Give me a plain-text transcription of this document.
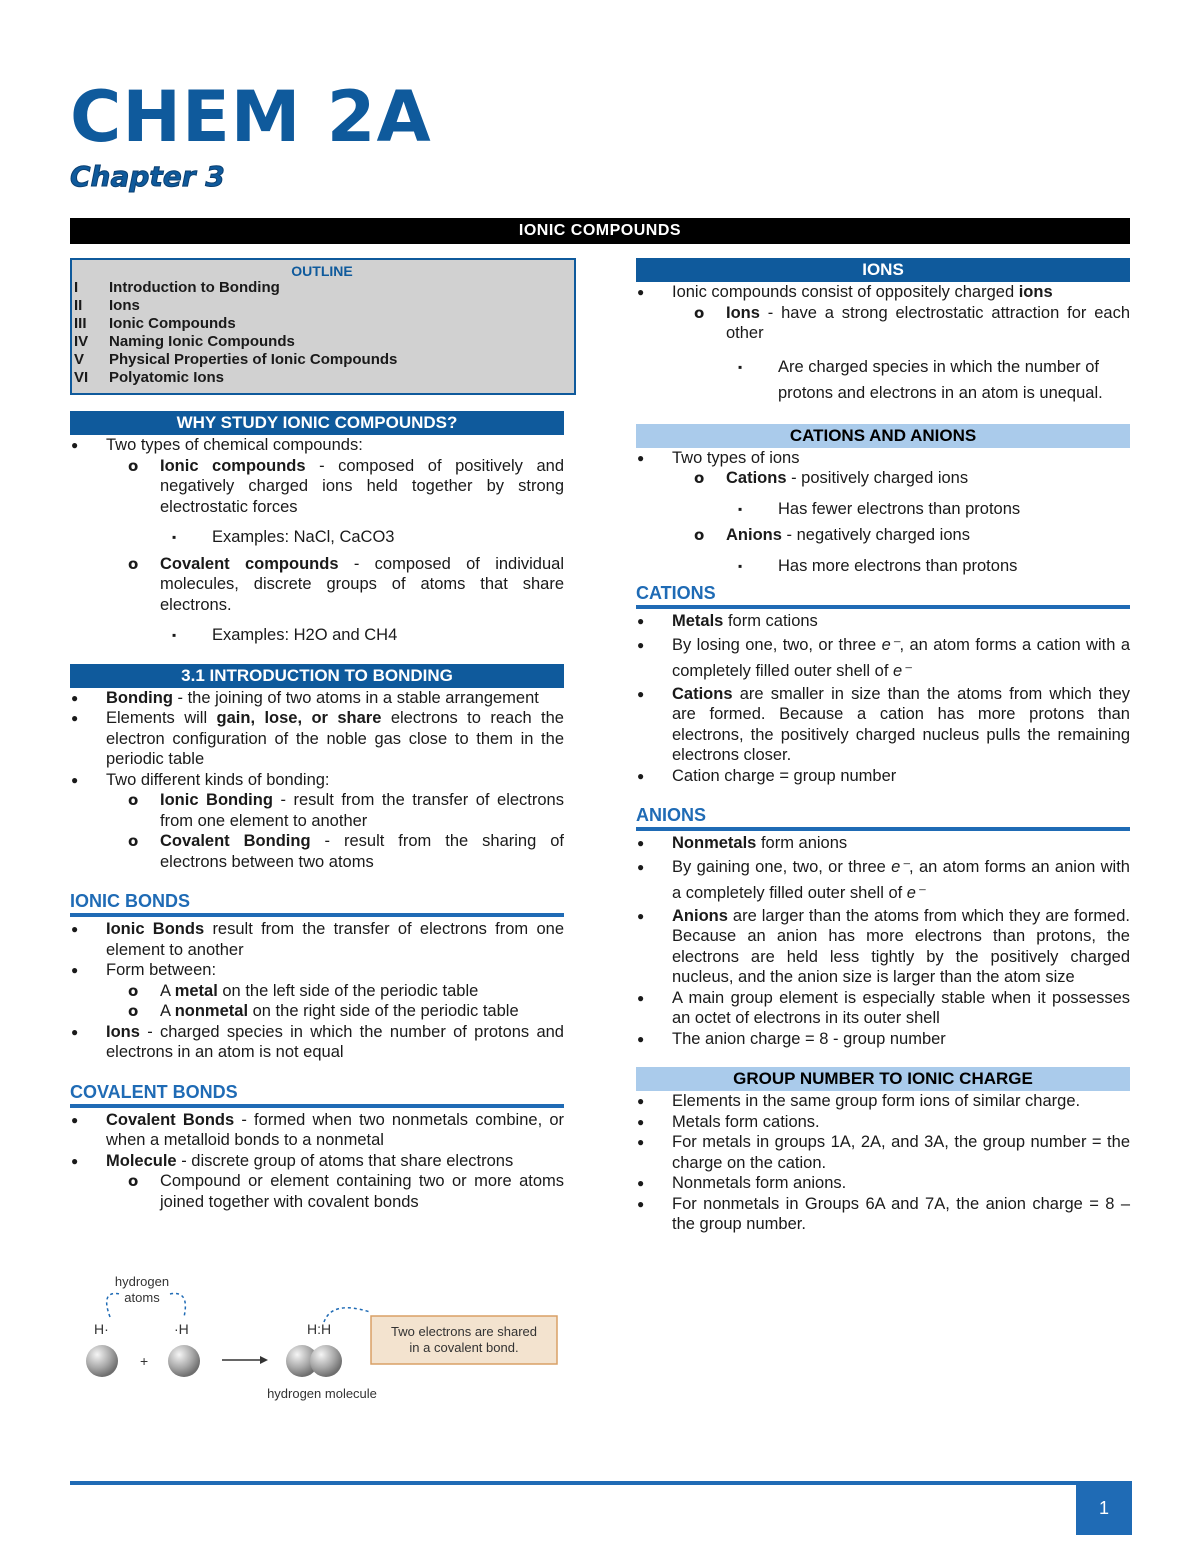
CHEM 2A
Chapter 3
IONIC COMPOUNDS
OUTLINE
I	Introduction to Bonding
II	Ions
III	Ionic Compounds
IV	Naming Ionic Compounds
V	Physical Properties of Ionic Compounds
VI	Polyatomic Ions
WHY STUDY IONIC COMPOUNDS?
● Two types of chemical compounds:
o Ionic compounds - composed of positively and negatively charged ions held together by strong electrostatic forces
▪ Examples: NaCl, CaCO3
o Covalent compounds - composed of individual molecules, discrete groups of atoms that share electrons.
▪ Examples: H2O and CH4
3.1 INTRODUCTION TO BONDING
● Bonding - the joining of two atoms in a stable arrangement
● Elements will gain, lose, or share electrons to reach the electron configuration of the noble gas close to them in the periodic table
● Two different kinds of bonding:
o Ionic Bonding - result from the transfer of electrons from one element to another
o Covalent Bonding - result from the sharing of electrons between two atoms
IONIC BONDS
● Ionic Bonds result from the transfer of electrons from one element to another
● Form between:
o A metal on the left side of the periodic table
o A nonmetal on the right side of the periodic table
● Ions - charged species in which the number of protons and electrons in an atom is not equal
COVALENT BONDS
● Covalent Bonds - formed when two nonmetals combine, or when a metalloid bonds to a nonmetal
● Molecule - discrete group of atoms that share electrons
o Compound or element containing two or more atoms joined together with covalent bonds
hydrogen atoms
H·	·H
+
H:H	Two electrons are shared in a covalent bond.
hydrogen molecule
IONS
● Ionic compounds consist of oppositely charged ions
o Ions - have a strong electrostatic attraction for each other
▪ Are charged species in which the number of protons and electrons in an atom is unequal.
CATIONS AND ANIONS
● Two types of ions
o Cations - positively charged ions
▪ Has fewer electrons than protons
o Anions - negatively charged ions
▪ Has more electrons than protons
CATIONS
● Metals form cations
● By losing one, two, or three e⁻, an atom forms a cation with a completely filled outer shell of e⁻
● Cations are smaller in size than the atoms from which they are formed. Because a cation has more protons than electrons, the positively charged nucleus pulls the remaining electrons closer.
● Cation charge = group number
ANIONS
● Nonmetals form anions
● By gaining one, two, or three e⁻, an atom forms an anion with a completely filled outer shell of e⁻
● Anions are larger than the atoms from which they are formed. Because an anion has more electrons than protons, the electrons are held less tightly by the positively charged nucleus, and the anion size is larger than the atom size
● A main group element is especially stable when it possesses an octet of electrons in its outer shell
● The anion charge = 8 - group number
GROUP NUMBER TO IONIC CHARGE
● Elements in the same group form ions of similar charge.
● Metals form cations.
● For metals in groups 1A, 2A, and 3A, the group number = the charge on the cation.
● Nonmetals form anions.
● For nonmetals in Groups 6A and 7A, the anion charge = 8 – the group number.
1
